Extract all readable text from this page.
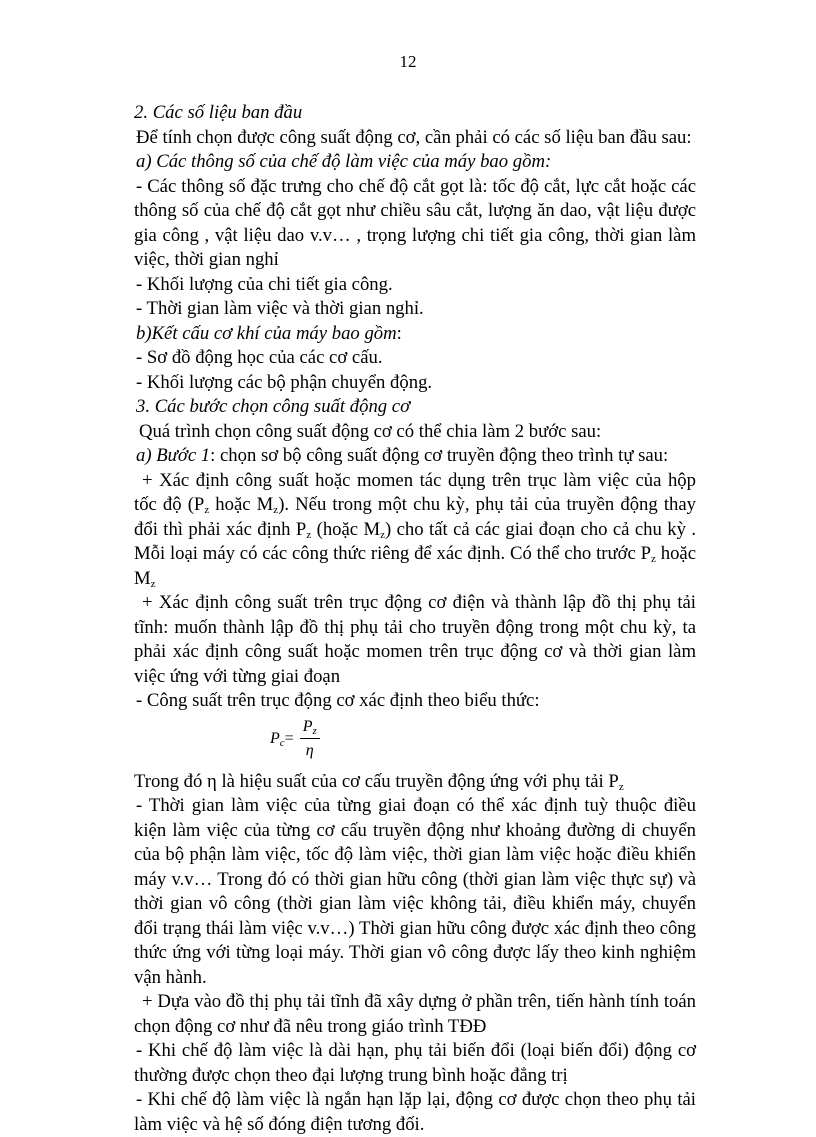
12

2. Các số liệu ban đầu

Để tính chọn được công suất động cơ, cần phải có các số liệu ban đầu sau:

a) Các thông số của chế độ làm việc của máy bao gồm:

- Các thông số đặc trưng cho chế độ cắt gọt là: tốc độ cắt, lực cắt hoặc các thông số của chế độ cắt gọt như chiều sâu cắt, lượng ăn dao, vật liệu được gia công , vật liệu dao v.v… , trọng lượng chi tiết gia công, thời gian làm việc, thời gian nghỉ

- Khối lượng của chi tiết gia công.

- Thời gian làm việc và thời gian nghỉ.

b)Kết cấu cơ khí của máy bao gồm:

- Sơ đồ động học của các cơ cấu.

- Khối lượng các bộ phận chuyển động.

3. Các bước chọn công suất động cơ

Quá trình chọn công suất động cơ có thể chia làm 2 bước sau:

a) Bước 1: chọn sơ bộ công suất động cơ truyền động theo trình tự sau:

+ Xác định công suất hoặc momen tác dụng trên trục làm việc của hộp tốc độ ($P_z$ hoặc $M_z$). Nếu trong một chu kỳ, phụ tải của truyền động thay đổi thì phải xác định $P_z$ (hoặc $M_z$) cho tất cả các giai đoạn cho cả chu kỳ . Mỗi loại máy có các công thức riêng để xác định. Có thể cho trước $P_z$ hoặc $M_z$

+ Xác định công suất trên trục động cơ điện và thành lập đồ thị phụ tải tĩnh: muốn thành lập đồ thị phụ tải cho truyền động trong một chu kỳ, ta phải xác định công suất hoặc momen trên trục động cơ và thời gian làm việc ứng với từng giai đoạn

- Công suất trên trục động cơ xác định theo biểu thức:

$P_c = \frac{P_z}{\eta}$

Trong đó η là hiệu suất của cơ cấu truyền động ứng với phụ tải $P_z$

- Thời gian làm việc của từng giai đoạn có thể xác định tuỳ thuộc điều kiện làm việc của từng cơ cấu truyền động như khoảng đường di chuyển của bộ phận làm việc, tốc độ làm việc, thời gian làm việc hoặc điều khiển máy v.v… Trong đó có thời gian hữu công (thời gian làm việc thực sự) và thời gian vô công (thời gian làm việc không tải, điều khiển máy, chuyển đổi trạng thái làm việc v.v…) Thời gian hữu công được xác định theo công thức ứng với từng loại máy. Thời gian vô công được lấy theo kinh nghiệm vận hành.

+ Dựa vào đồ thị phụ tải tĩnh đã xây dựng ở phần trên, tiến hành tính toán chọn động cơ như đã nêu trong giáo trình TĐĐ

- Khi chế độ làm việc là dài hạn, phụ tải biến đổi (loại biến đổi) động cơ thường được chọn theo đại lượng trung bình hoặc đẳng trị

- Khi chế độ làm việc là ngắn hạn lặp lại, động cơ được chọn theo phụ tải làm việc và hệ số đóng điện tương đối.
